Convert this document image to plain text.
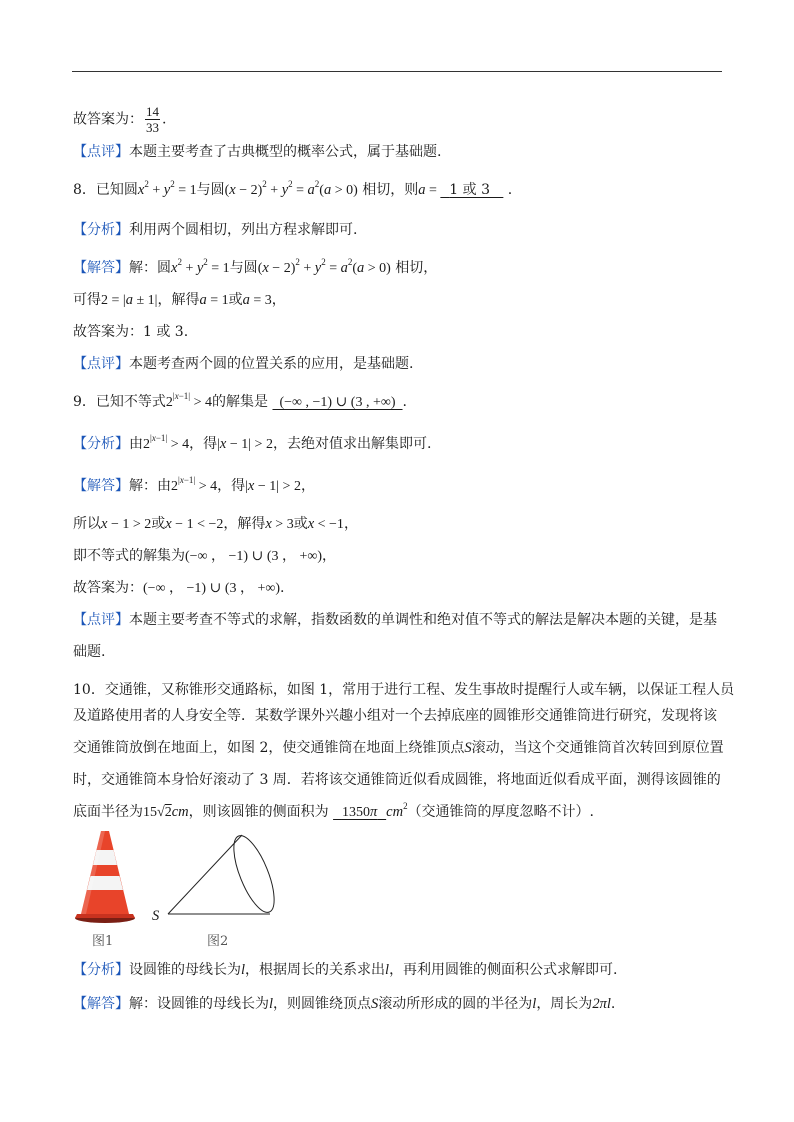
故答案为： $\frac{14}{33}$ .
【点评】本题主要考查了古典概型的概率公式，属于基础题.
8．已知圆$x^2 + y^2 = 1$与圆$(x - 2)^2 + y^2 = a^2(a > 0)$ 相切，则a =   1 或 3    .
【分析】利用两个圆相切，列出方程求解即可.
【解答】解：圆$x^2 + y^2 = 1$与圆$(x - 2)^2 + y^2 = a^2(a > 0)$ 相切，
可得2 = |a ± 1|，解得a = 1或a = 3，
故答案为：1 或 3.
【点评】本题考查两个圆的位置关系的应用，是基础题.
9．已知不等式$2^{|x-1|} > 4$的解集是   (−∞ , −1) ∪ (3 , +∞)  .
【分析】由$2^{|x-1|} > 4$，得|x − 1| > 2，去绝对值求出解集即可.
【解答】解：由$2^{|x-1|} > 4$，得|x − 1| > 2，
所以x − 1 > 2或x − 1 < −2，解得x > 3或x < −1，
即不等式的解集为(−∞ ， −1) ∪ (3 ， +∞)，
故答案为：(−∞ ， −1) ∪ (3 ， +∞).
【点评】本题主要考查不等式的求解，指数函数的单调性和绝对值不等式的解法是解决本题的关键，是基
础题.
10．交通锥，又称锥形交通路标，如图 1，常用于进行工程、发生事故时提醒行人或车辆，以保证工程人员
及道路使用者的人身安全等．某数学课外兴趣小组对一个去掉底座的圆锥形交通锥筒进行研究，发现将该
交通锥筒放倒在地面上，如图 2，使交通锥筒在地面上绕锥顶点S滚动，当这个交通锥筒首次转回到原位置
时，交通锥筒本身恰好滚动了 3 周．若将该交通锥筒近似看成圆锥，将地面近似看成平面，测得该圆锥的
底面半径为15√2cm，则该圆锥的侧面积为 1350π $cm^2$（交通锥筒的厚度忽略不计）.
图1
S
图2
【分析】设圆锥的母线长为l，根据周长的关系求出l，再利用圆锥的侧面积公式求解即可.
【解答】解：设圆锥的母线长为l，则圆锥绕顶点S滚动所形成的圆的半径为l，周长为2πl.
